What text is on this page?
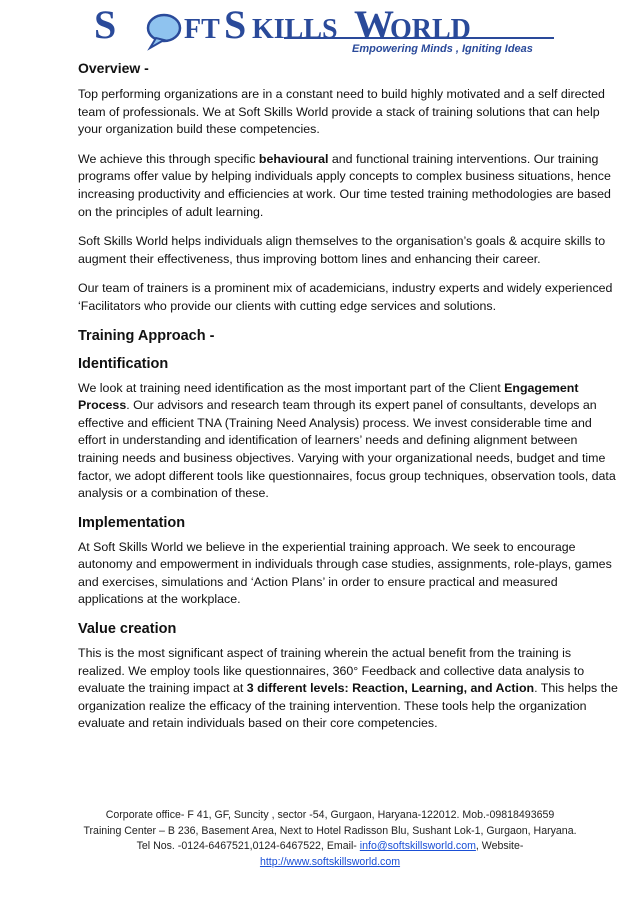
S FT S KILLS W
ORLD
Empowering Minds , Igniting Ideas
Overview -

Top performing organizations are in a constant need to build highly motivated and a self directed team of professionals. We at Soft Skills World provide a stack of training solutions that can help your organization build these competencies.

We achieve this through specific behavioural and functional training interventions. Our training programs offer value by helping individuals apply concepts to complex business situations, hence increasing productivity and efficiencies at work. Our time tested training methodologies are based on the principles of adult learning.

Soft Skills World helps individuals align themselves to the organisation’s goals & acquire skills to augment their effectiveness, thus improving bottom lines and enhancing their career.

Our team of trainers is a prominent mix of academicians, industry experts and widely experienced ‘Facilitators who provide our clients with cutting edge services and solutions.

Training Approach -
Identification

We look at training need identification as the most important part of the Client Engagement Process. Our advisors and research team through its expert panel of consultants, develops an effective and efficient TNA (Training Need Analysis) process. We invest considerable time and effort in understanding and identification of learners’ needs and defining alignment between training needs and business objectives. Varying with your organizational needs, budget and time factor, we adopt different tools like questionnaires, focus group techniques, observation tools, data analysis or a combination of these.

Implementation

At Soft Skills World we believe in the experiential training approach. We seek to encourage autonomy and empowerment in individuals through case studies, assignments, role-plays, games and exercises, simulations and ‘Action Plans’ in order to ensure practical and measured applications at the workplace.

Value creation

This is the most significant aspect of training wherein the actual benefit from the training is realized. We employ tools like questionnaires, 360° Feedback and collective data analysis to evaluate the training impact at 3 different levels: Reaction, Learning, and Action. This helps the organization realize the efficacy of the training intervention. These tools help the organization evaluate and retain individuals based on their core competencies.

Corporate office- F 41, GF, Suncity , sector -54, Gurgaon, Haryana-122012. Mob.-09818493659
Training Center – B 236, Basement Area, Next to Hotel Radisson Blu, Sushant Lok-1, Gurgaon, Haryana.
Tel Nos. -0124-6467521,0124-6467522, Email- info@softskillsworld.com, Website-
http://www.softskillsworld.com
